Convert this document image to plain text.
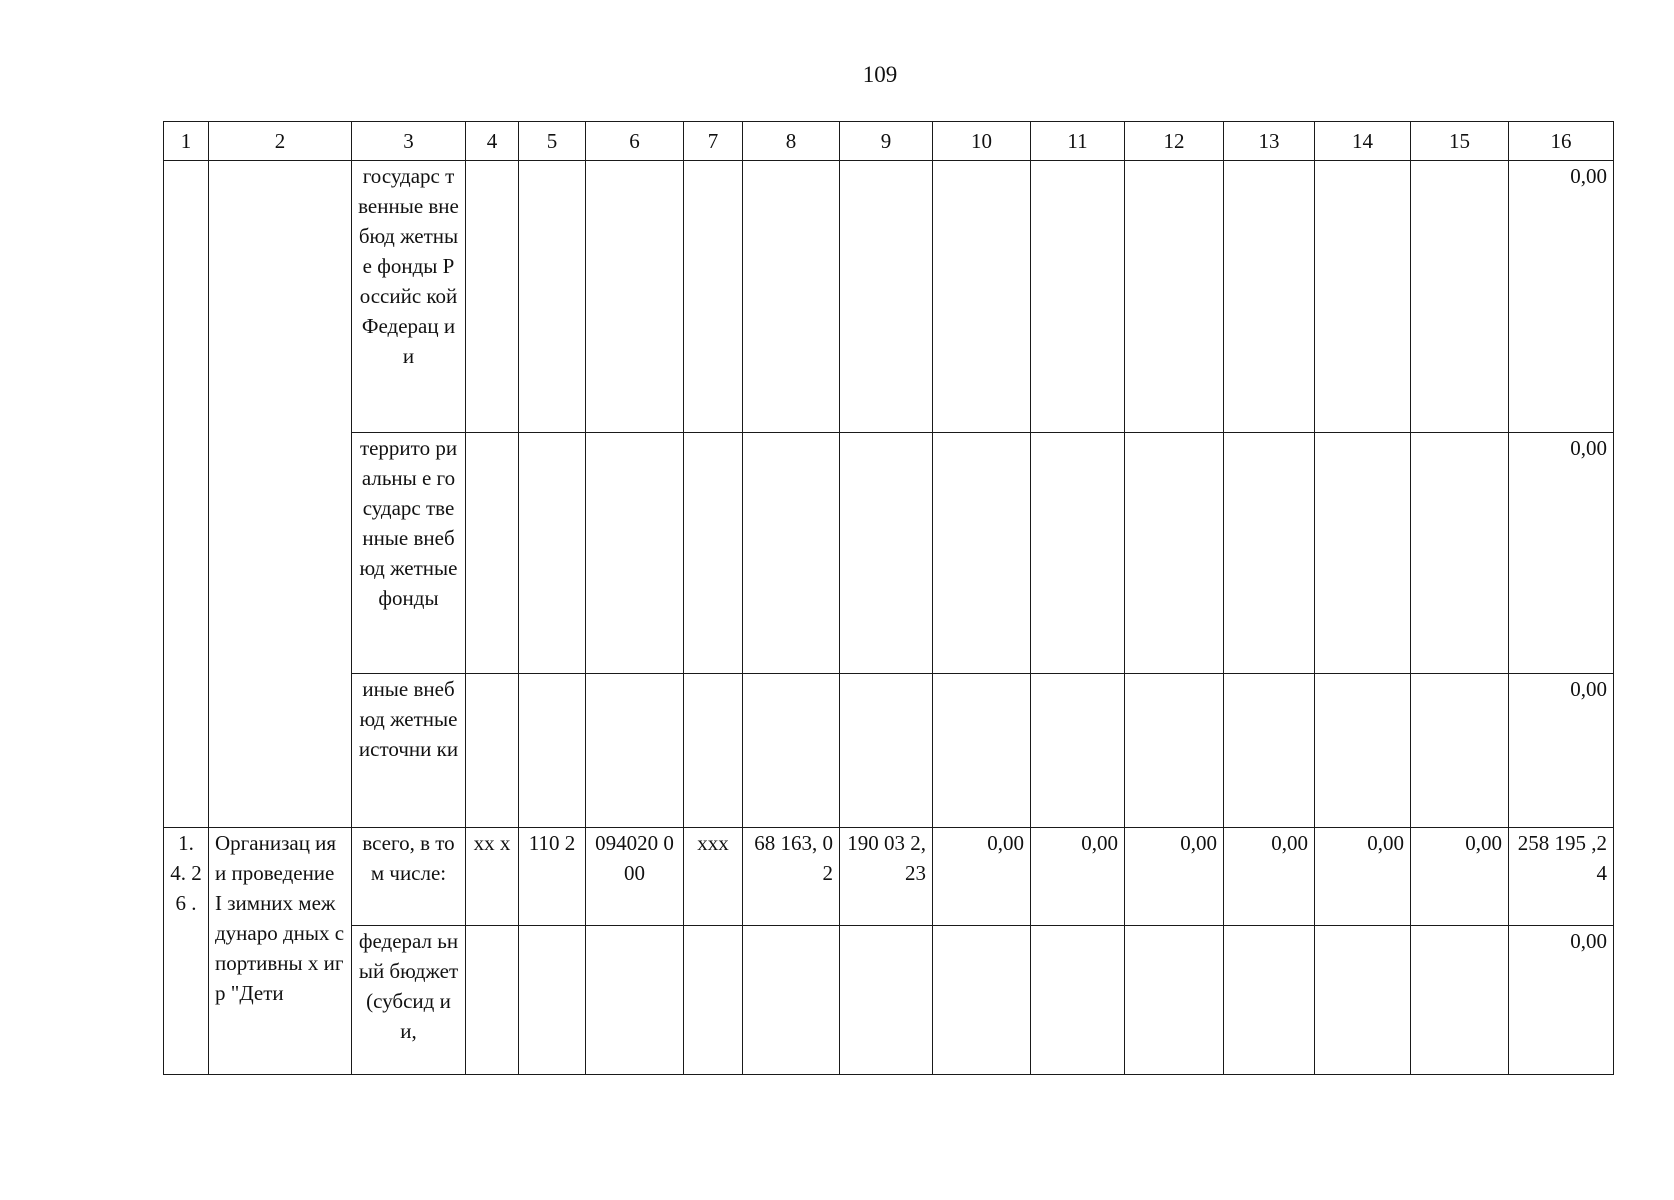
109
1	2	3	4	5	6	7	8	9	10	11	12	13	14	15	16
		государс твенные внебюд жетные фонды Российс кой Федерац ии													0,00
		террито риальны е государс твенные внебюд жетные фонды													0,00
		иные внебюд жетные источни ки													0,00
1. 4. 26 .	Организац ия и проведение I зимних междунаро дных спортивны х игр "Дети	всего, в том числе:	хх х	110 2	094020 000	ххх	68 163, 02	190 03 2,23	0,00	0,00	0,00	0,00	0,00	0,00	258 195 ,24
		федерал ьный бюджет (субсид ии,													0,00
